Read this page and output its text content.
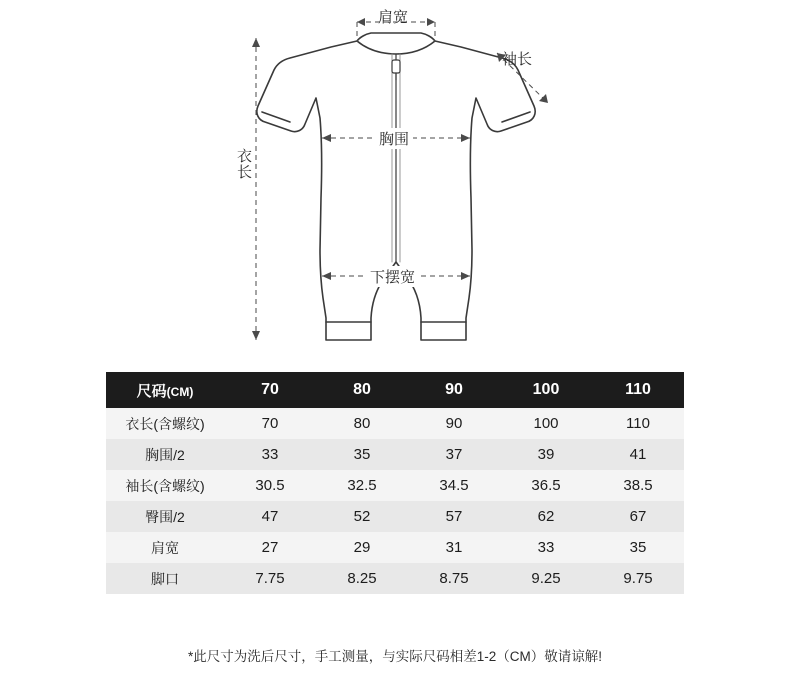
肩宽
袖长
胸围
衣长
下摆宽
尺码(CM)	70	80	90	100	110
衣长(含螺纹)	70	80	90	100	110
胸围/2	33	35	37	39	41
袖长(含螺纹)	30.5	32.5	34.5	36.5	38.5
臀围/2	47	52	57	62	67
肩宽	27	29	31	33	35
脚口	7.75	8.25	8.75	9.25	9.75
*此尺寸为洗后尺寸，手工测量，与实际尺码相差1-2（CM）敬请谅解!
